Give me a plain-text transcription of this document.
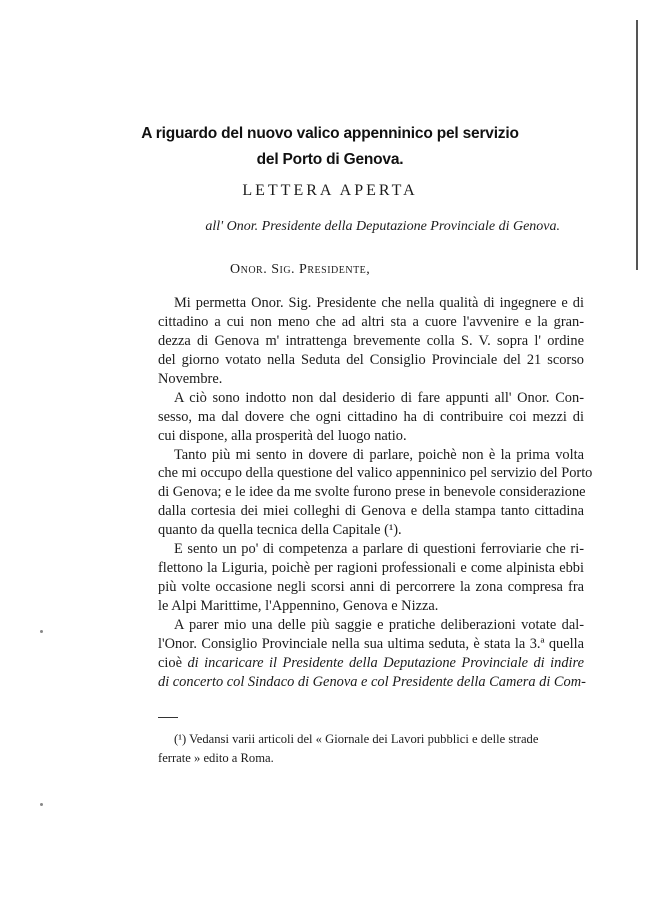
A riguardo del nuovo valico appenninico pel servizio
del Porto di Genova.

LETTERA APERTA

all' Onor. Presidente della Deputazione Provinciale di Genova.

Onor. Sig. Presidente,

Mi permetta Onor. Sig. Presidente che nella qualità di ingegnere e di
cittadino a cui non meno che ad altri sta a cuore l'avvenire e la gran-
dezza di Genova m' intrattenga brevemente colla S. V. sopra l' ordine
del giorno votato nella Seduta del Consiglio Provinciale del 21 scorso
Novembre.
A ciò sono indotto non dal desiderio di fare appunti all' Onor. Con-
sesso, ma dal dovere che ogni cittadino ha di contribuire coi mezzi di
cui dispone, alla prosperità del luogo natio.
Tanto più mi sento in dovere di parlare, poichè non è la prima volta
che mi occupo della questione del valico appenninico pel servizio del Porto
di Genova; e le idee da me svolte furono prese in benevole considerazione
dalla cortesia dei miei colleghi di Genova e della stampa tanto cittadina
quanto da quella tecnica della Capitale (¹).
E sento un po' di competenza a parlare di questioni ferroviarie che ri-
flettono la Liguria, poichè per ragioni professionali e come alpinista ebbi
più volte occasione negli scorsi anni di percorrere la zona compresa fra
le Alpi Marittime, l'Appennino, Genova e Nizza.
A parer mio una delle più saggie e pratiche deliberazioni votate dal-
l'Onor. Consiglio Provinciale nella sua ultima seduta, è stata la 3.ª quella
cioè di incaricare il Presidente della Deputazione Provinciale di indire
di concerto col Sindaco di Genova e col Presidente della Camera di Com-
(¹) Vedansi varii articoli del « Giornale dei Lavori pubblici e delle strade
ferrate » edito a Roma.
